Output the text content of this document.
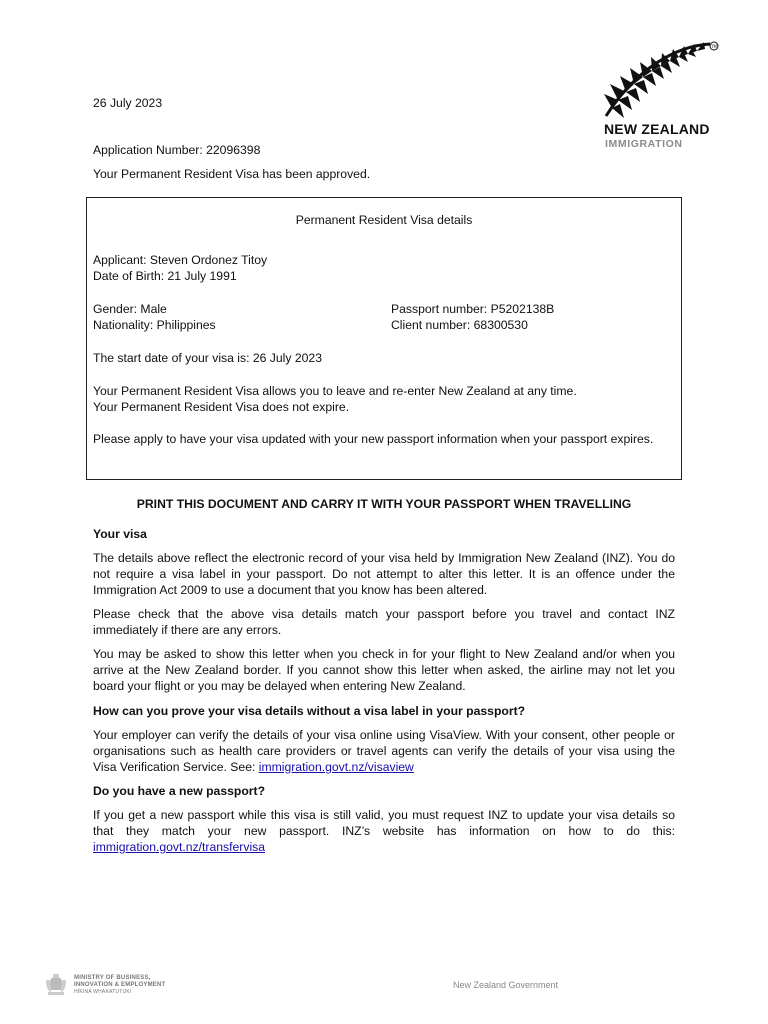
TM
NEW ZEALAND
IMMIGRATION
26 July 2023
Application Number: 22096398
Your Permanent Resident Visa has been approved.
Permanent Resident Visa details
Applicant: Steven Ordonez Titoy
Date of Birth: 21 July 1991
Gender: Male
Nationality: Philippines
Passport number: P5202138B
Client number: 68300530
The start date of your visa is: 26 July 2023
Your Permanent Resident Visa allows you to leave and re-enter New Zealand at any time.
Your Permanent Resident Visa does not expire.
Please apply to have your visa updated with your new passport information when your passport expires.
PRINT THIS DOCUMENT AND CARRY IT WITH YOUR PASSPORT WHEN TRAVELLING
Your visa
The details above reflect the electronic record of your visa held by Immigration New Zealand (INZ). You do not require a visa label in your passport. Do not attempt to alter this letter. It is an offence under the Immigration Act 2009 to use a document that you know has been altered.
Please check that the above visa details match your passport before you travel and contact INZ immediately if there are any errors.
You may be asked to show this letter when you check in for your flight to New Zealand and/or when you arrive at the New Zealand border. If you cannot show this letter when asked, the airline may not let you board your flight or you may be delayed when entering New Zealand.
How can you prove your visa details without a visa label in your passport?
Your employer can verify the details of your visa online using VisaView. With your consent, other people or organisations such as health care providers or travel agents can verify the details of your visa using the Visa Verification Service. See: immigration.govt.nz/visaview
Do you have a new passport?
If you get a new passport while this visa is still valid, you must request INZ to update your visa details so that they match your new passport. INZ’s website has information on how to do this: immigration.govt.nz/transfervisa
MINISTRY OF BUSINESS,
INNOVATION & EMPLOYMENT
HĪKINA WHAKATUTUKI
New Zealand Government
